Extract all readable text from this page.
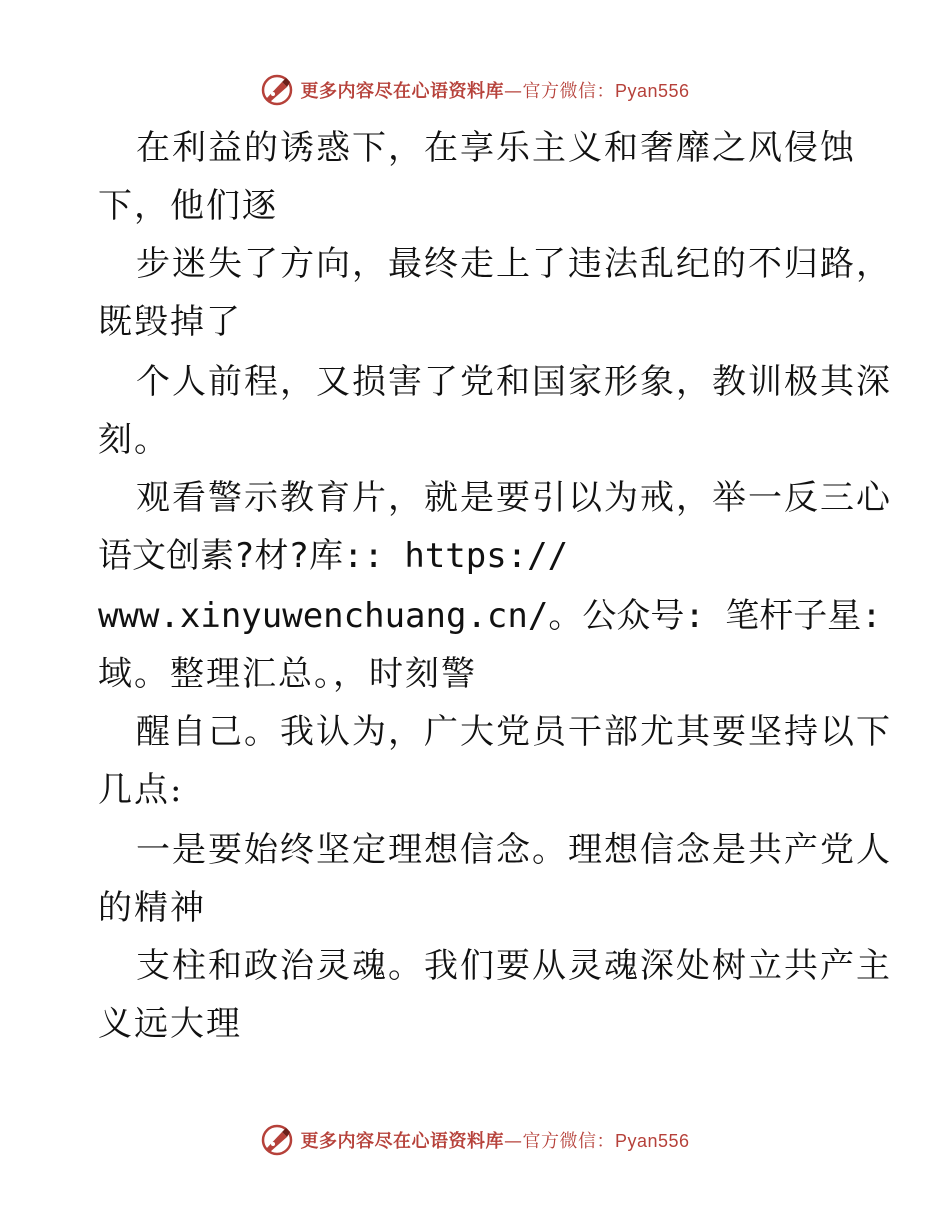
更多内容尽在心语资料库—官方微信：Pyan556
在利益的诱惑下，在享乐主义和奢靡之风侵蚀
下，他们逐
步迷失了方向，最终走上了违法乱纪的不归路，
既毁掉了
个人前程，又损害了党和国家形象，教训极其深
刻。
观看警示教育片，就是要引以为戒，举一反三心
语文创素?材?库:: https://
www.xinyuwenchuang.cn/。公众号: 笔杆子星:
域。整理汇总。，时刻警
醒自己。我认为，广大党员干部尤其要坚持以下
几点:
一是要始终坚定理想信念。理想信念是共产党人
的精神
支柱和政治灵魂。我们要从灵魂深处树立共产主
义远大理
更多内容尽在心语资料库—官方微信：Pyan556
